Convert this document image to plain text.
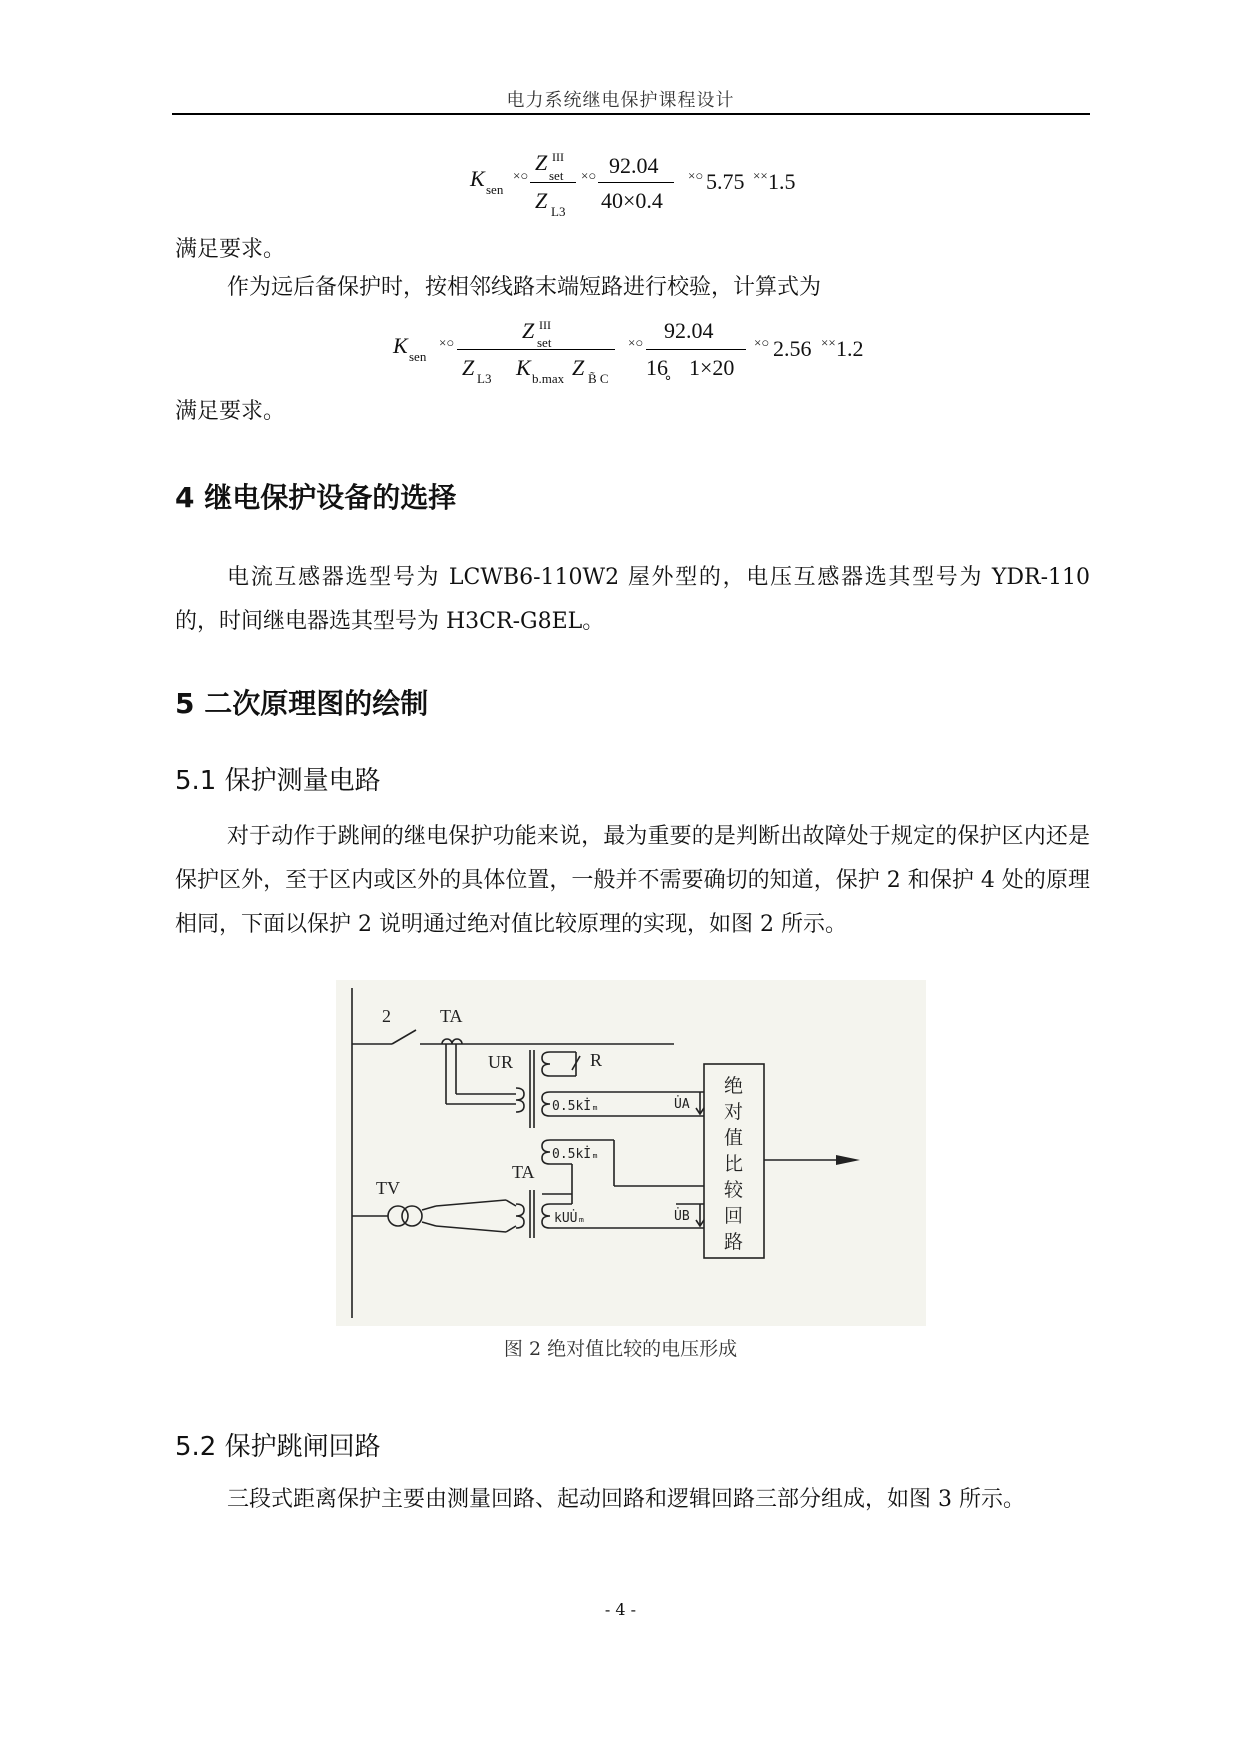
电力系统继电保护课程设计
K sen
×○
Z III
set
Z L3
×○ 92.04
40×0.4
×○ 5.75 ×× 1.5
满足要求。
作为远后备保护时，按相邻线路末端短路进行校验，计算式为
K sen
×○	Z III
set
Z L3 K b.max Z B̃ C
×○ 92.04
16̥ 1×20
×○ 2.56 ×× 1.2
满足要求。
4 继电保护设备的选择
电流互感器选型号为 LCWB6-110W2 屋外型的，电压互感器选其型号为 YDR-110 的，时间继电器选其型号为 H3CR-G8EL。
5 二次原理图的绘制
5.1 保护测量电路
对于动作于跳闸的继电保护功能来说，最为重要的是判断出故障处于规定的保护区内还是保护区外，至于区内或区外的具体位置，一般并不需要确切的知道，保护 2 和保护 4 处的原理相同，下面以保护 2 说明通过绝对值比较原理的实现，如图 2 所示。
2	TA
UR	R
TA
TV
0.5kİₘ	U̇A
0.5kİₘ
kUU̇ₘ	U̇B
绝
对
值
比
较
回
路
图 2 绝对值比较的电压形成
5.2 保护跳闸回路
三段式距离保护主要由测量回路、起动回路和逻辑回路三部分组成，如图 3 所示。
- 4 -
